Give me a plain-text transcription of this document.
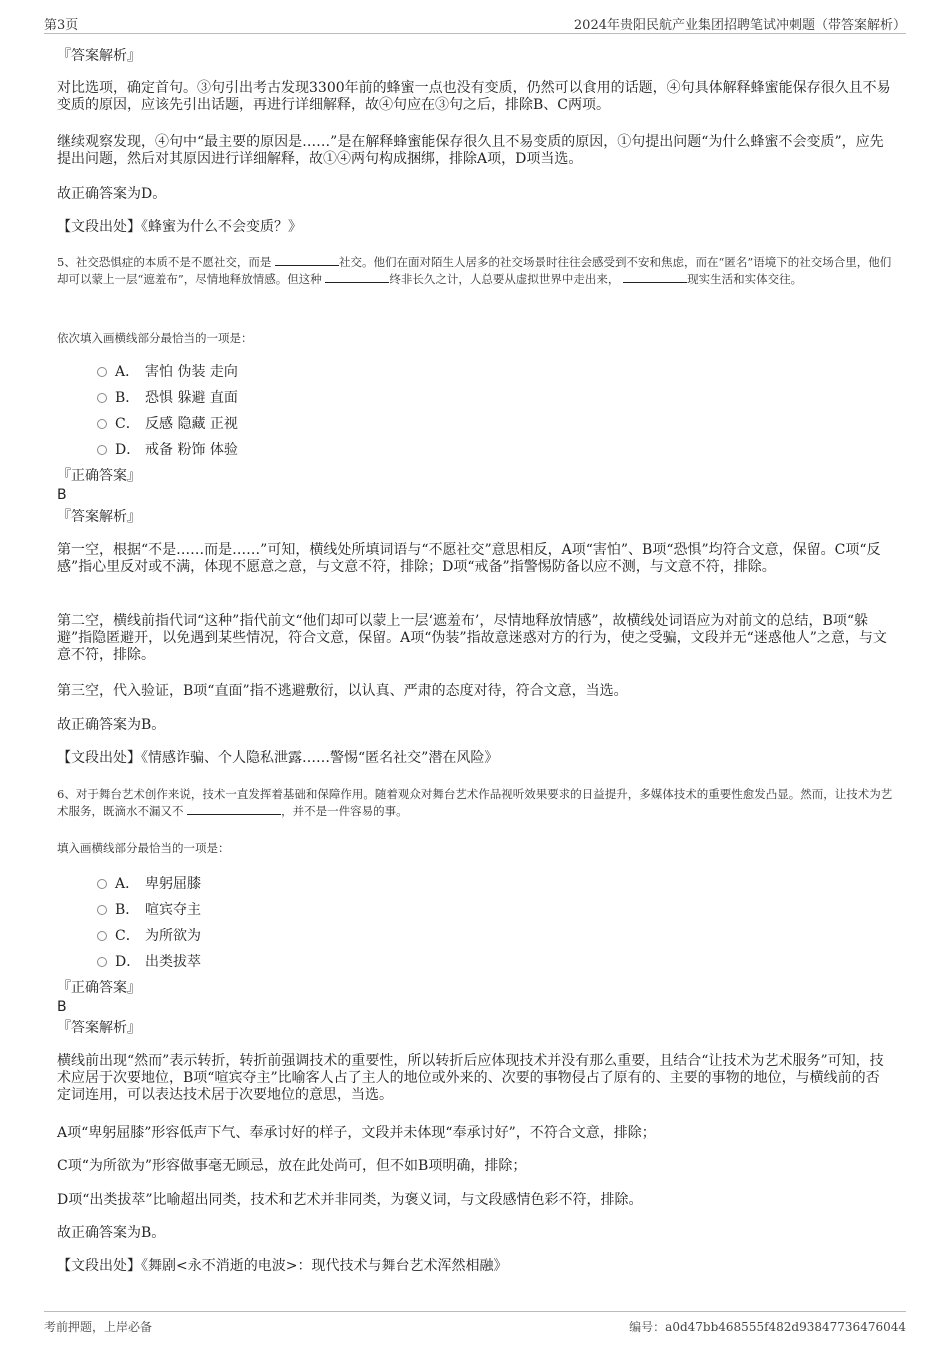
第3页	2024年贵阳民航产业集团招聘笔试冲刺题（带答案解析）
『答案解析』
对比选项，确定首句。③句引出考古发现3300年前的蜂蜜一点也没有变质，仍然可以食用的话题，④句具体解释蜂蜜能保存很久且不易变质的原因，应该先引出话题，再进行详细解释，故④句应在③句之后，排除B、C两项。
继续观察发现，④句中“最主要的原因是……”是在解释蜂蜜能保存很久且不易变质的原因，①句提出问题“为什么蜂蜜不会变质”，应先提出问题，然后对其原因进行详细解释，故①④两句构成捆绑，排除A项，D项当选。
故正确答案为D。
【文段出处】《蜂蜜为什么不会变质？》
5、社交恐惧症的本质不是不愿社交，而是	社交。他们在面对陌生人居多的社交场景时往往会感受到不安和焦虑，而在“匿名”语境下的社交场合里，他们却可以蒙上一层“遮羞布”，尽情地释放情感。但这种	终非长久之计，人总要从虚拟世界中走出来，	现实生活和实体交往。
依次填入画横线部分最恰当的一项是：
A． 害怕 伪装 走向
B． 恐惧 躲避 直面
C． 反感 隐藏 正视
D． 戒备 粉饰 体验
『正确答案』
B
『答案解析』
第一空，根据“不是……而是……”可知，横线处所填词语与“不愿社交”意思相反，A项“害怕”、B项“恐惧”均符合文意，保留。C项“反感”指心里反对或不满，体现不愿意之意，与文意不符，排除；D项“戒备”指警惕防备以应不测，与文意不符，排除。
第二空，横线前指代词“这种”指代前文“他们却可以蒙上一层‘遮羞布’，尽情地释放情感”，故横线处词语应为对前文的总结，B项“躲避”指隐匿避开，以免遇到某些情况，符合文意，保留。A项“伪装”指故意迷惑对方的行为，使之受骗，文段并无“迷惑他人”之意，与文意不符，排除。
第三空，代入验证，B项“直面”指不逃避敷衍，以认真、严肃的态度对待，符合文意，当选。
故正确答案为B。
【文段出处】《情感诈骗、个人隐私泄露……警惕“匿名社交”潜在风险》
6、对于舞台艺术创作来说，技术一直发挥着基础和保障作用。随着观众对舞台艺术作品视听效果要求的日益提升，多媒体技术的重要性愈发凸显。然而，让技术为艺术服务，既滴水不漏又不	，并不是一件容易的事。
填入画横线部分最恰当的一项是：
A． 卑躬屈膝
B． 喧宾夺主
C． 为所欲为
D． 出类拔萃
『正确答案』
B
『答案解析』
横线前出现“然而”表示转折，转折前强调技术的重要性，所以转折后应体现技术并没有那么重要，且结合“让技术为艺术服务”可知，技术应居于次要地位，B项“喧宾夺主”比喻客人占了主人的地位或外来的、次要的事物侵占了原有的、主要的事物的地位，与横线前的否定词连用，可以表达技术居于次要地位的意思，当选。
A项“卑躬屈膝”形容低声下气、奉承讨好的样子，文段并未体现“奉承讨好”，不符合文意，排除；
C项“为所欲为”形容做事毫无顾忌，放在此处尚可，但不如B项明确，排除；
D项“出类拔萃”比喻超出同类，技术和艺术并非同类，为褒义词，与文段感情色彩不符，排除。
故正确答案为B。
【文段出处】《舞剧<永不消逝的电波>：现代技术与舞台艺术浑然相融》
考前押题，上岸必备	编号：a0d47bb468555f482d93847736476044
